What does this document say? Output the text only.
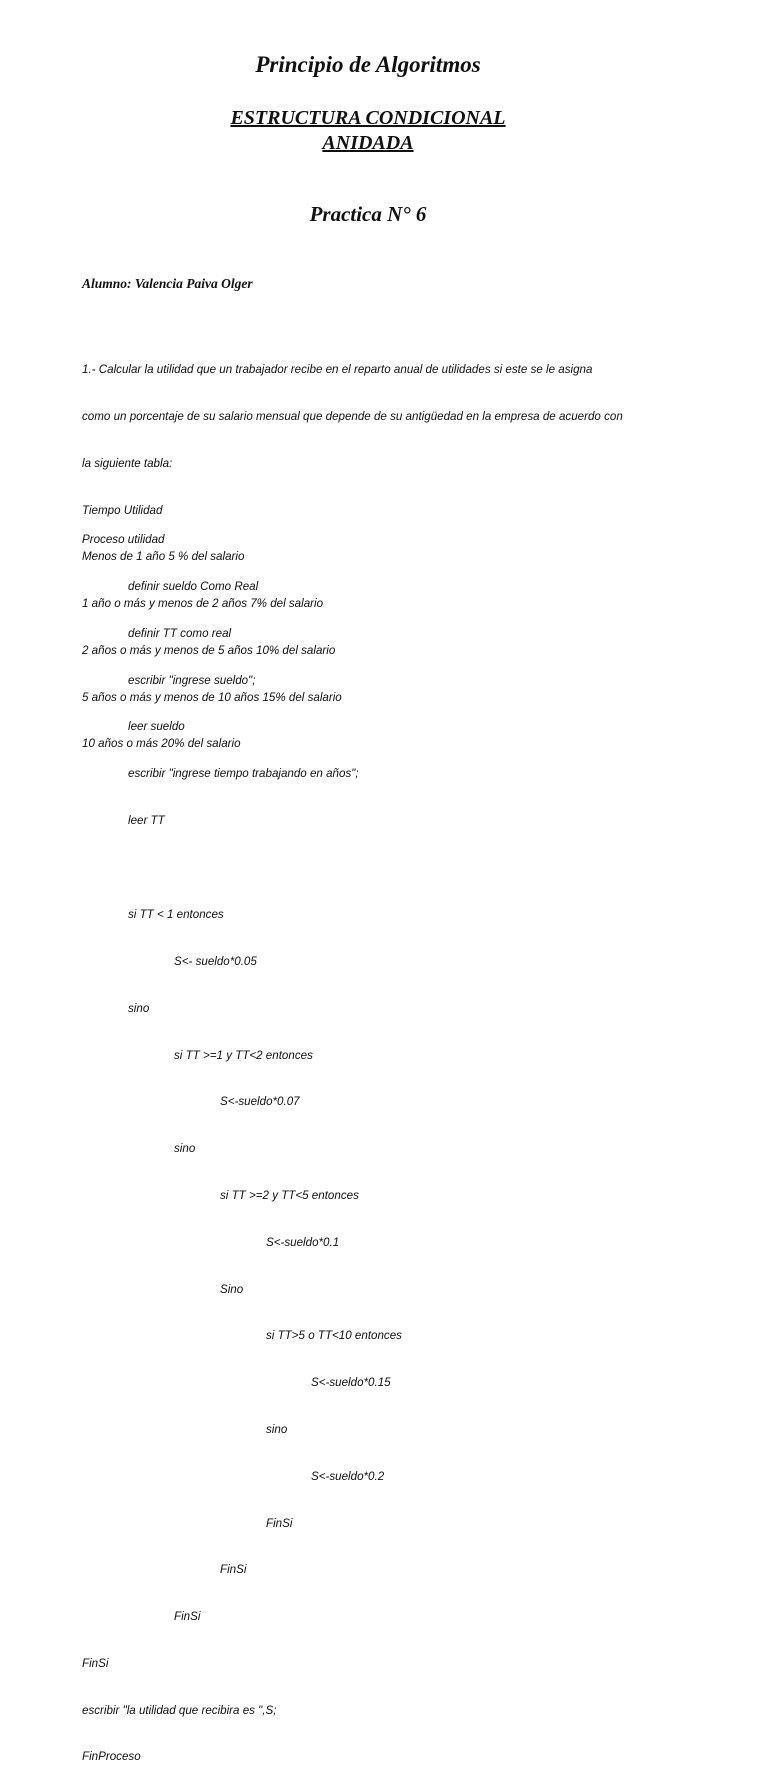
Principio de Algoritmos
ESTRUCTURA CONDICIONAL
ANIDADA
Practica N° 6
Alumno: Valencia Paiva Olger

1.- Calcular la utilidad que un trabajador recibe en el reparto anual de utilidades si este se le asigna

como un porcentaje de su salario mensual que depende de su antigüedad en la empresa de acuerdo con

la siguiente tabla:

Tiempo Utilidad

Menos de 1 año 5 % del salario

1 año o más y menos de 2 años 7% del salario

2 años o más y menos de 5 años 10% del salario

5 años o más y menos de 10 años 15% del salario

10 años o más 20% del salario

Proceso utilidad

definir sueldo Como Real

definir TT como real

escribir "ingrese sueldo";

leer sueldo

escribir "ingrese tiempo trabajando en años";

leer TT

si TT < 1 entonces

S<- sueldo*0.05

sino

si TT >=1 y TT<2 entonces

S<-sueldo*0.07

sino

si TT >=2 y TT<5 entonces

S<-sueldo*0.1

Sino

si TT>5 o TT<10 entonces

S<-sueldo*0.15

sino

S<-sueldo*0.2

FinSi

FinSi

FinSi

FinSi

escribir "la utilidad que recibira es ",S;

FinProceso
